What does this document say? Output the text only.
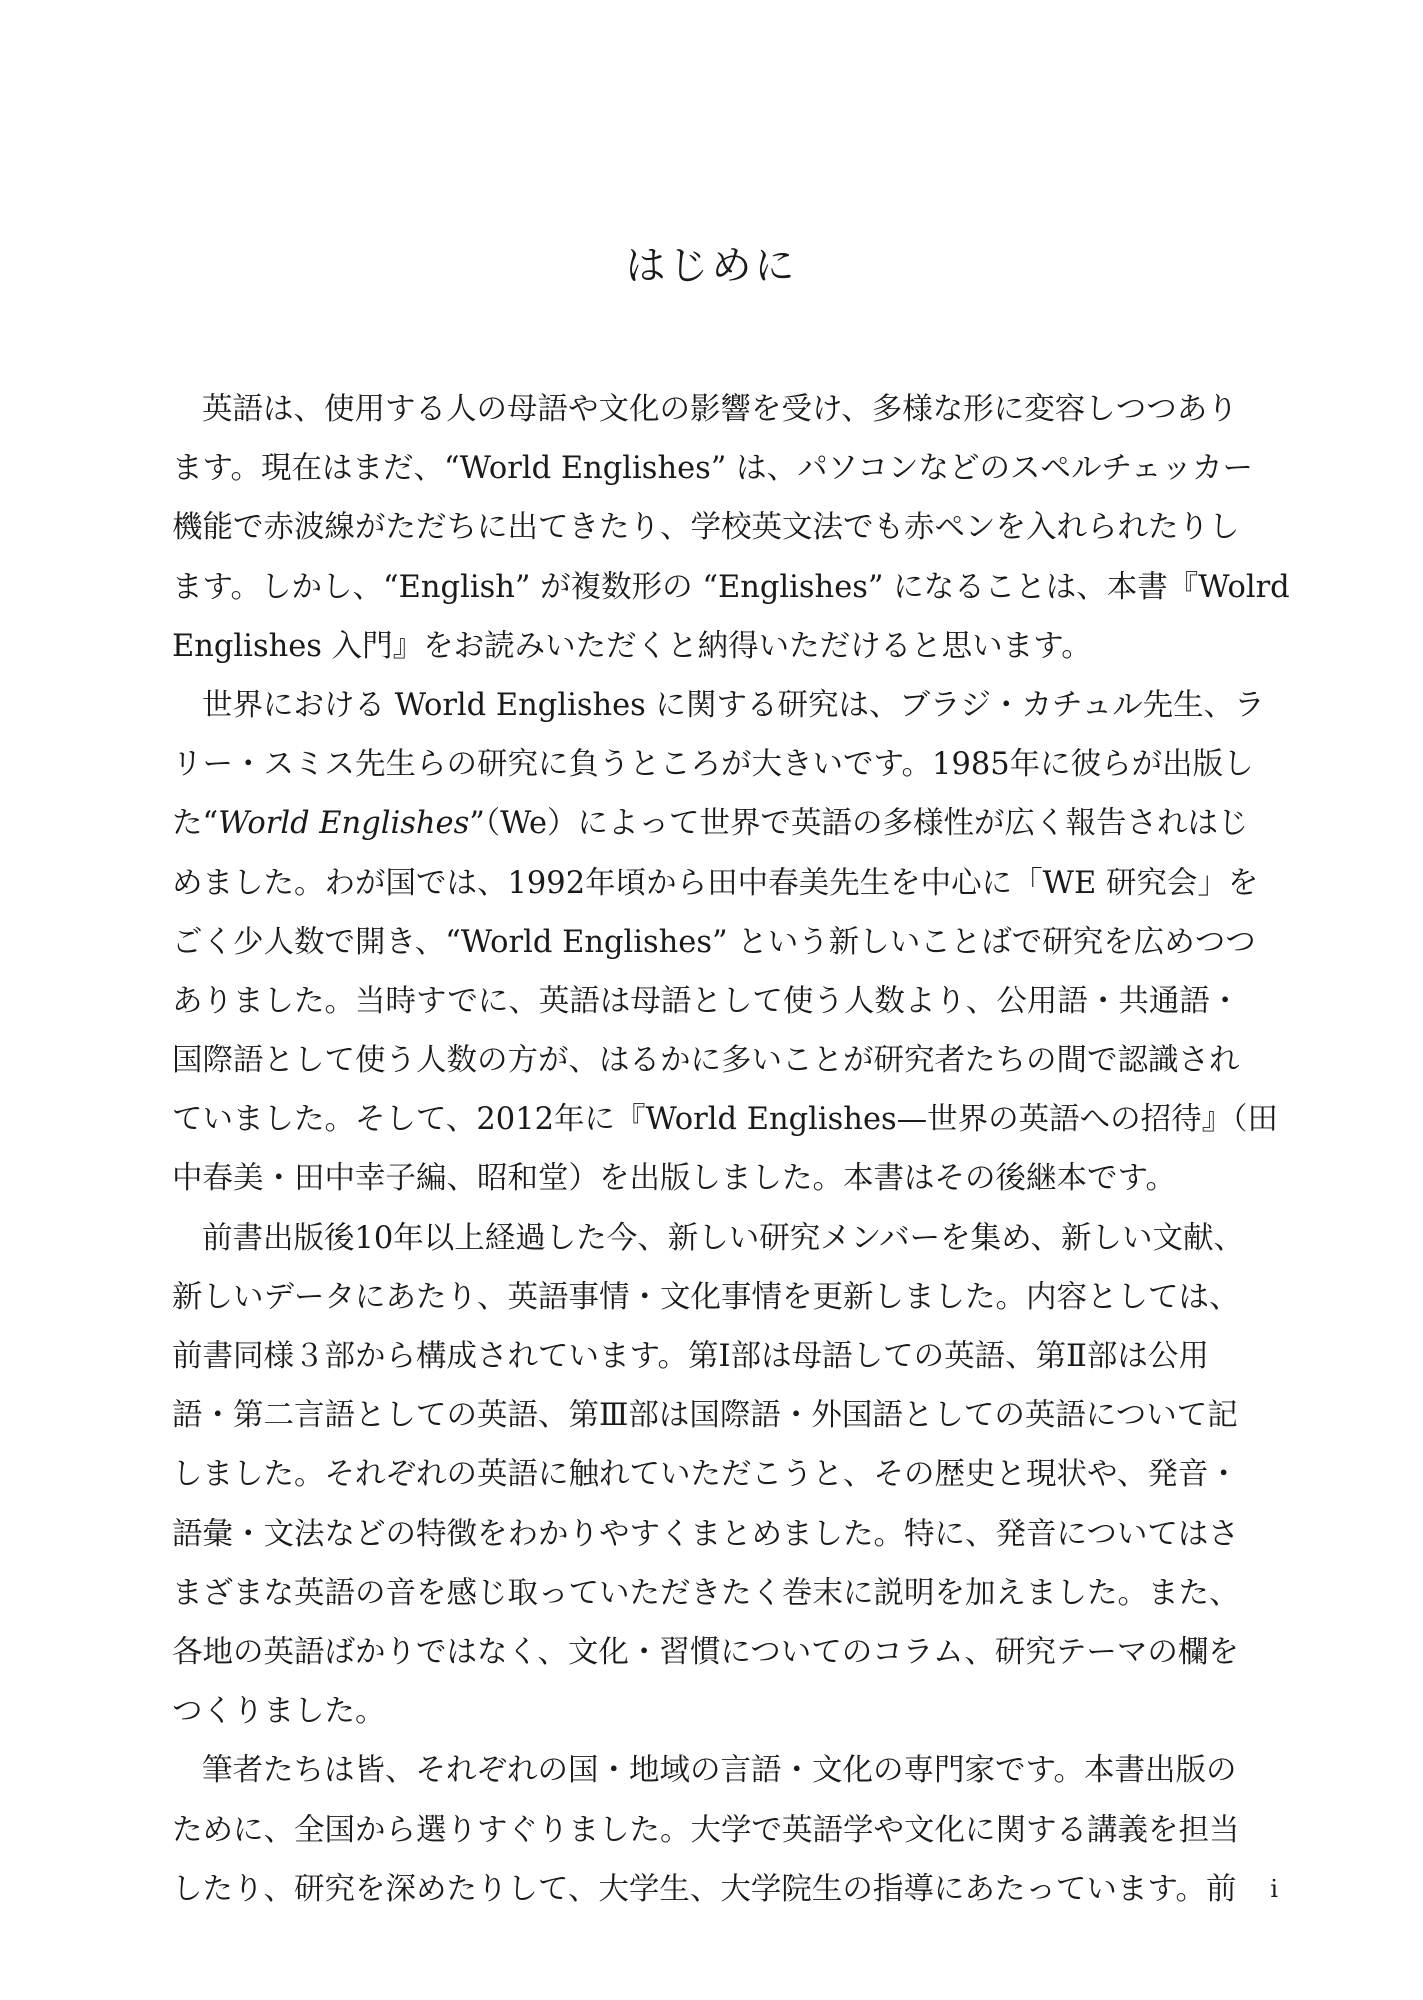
はじめに

英語は、使用する人の母語や文化の影響を受け、多様な形に変容しつつあり

ます。現在はまだ、“World Englishes” は、パソコンなどのスペルチェッカー

機能で赤波線がただちに出てきたり、学校英文法でも赤ペンを入れられたりし

ます。しかし、“English” が複数形の “Englishes” になることは、本書『Wolrd

Englishes 入門』をお読みいただくと納得いただけると思います。

世界における World Englishes に関する研究は、ブラジ・カチュル先生、ラ

リー・スミス先生らの研究に負うところが大きいです。1985年に彼らが出版し

た“World Englishes”（We）によって世界で英語の多様性が広く報告されはじ

めました。わが国では、1992年頃から田中春美先生を中心に「WE 研究会」を

ごく少人数で開き、“World Englishes” という新しいことばで研究を広めつつ

ありました。当時すでに、英語は母語として使う人数より、公用語・共通語・

国際語として使う人数の方が、はるかに多いことが研究者たちの間で認識され

ていました。そして、2012年に『World Englishes—世界の英語への招待』（田

中春美・田中幸子編、昭和堂）を出版しました。本書はその後継本です。

前書出版後10年以上経過した今、新しい研究メンバーを集め、新しい文献、

新しいデータにあたり、英語事情・文化事情を更新しました。内容としては、

前書同様３部から構成されています。第Ⅰ部は母語しての英語、第Ⅱ部は公用

語・第二言語としての英語、第Ⅲ部は国際語・外国語としての英語について記

しました。それぞれの英語に触れていただこうと、その歴史と現状や、発音・

語彙・文法などの特徴をわかりやすくまとめました。特に、発音についてはさ

まざまな英語の音を感じ取っていただきたく巻末に説明を加えました。また、

各地の英語ばかりではなく、文化・習慣についてのコラム、研究テーマの欄を

つくりました。

筆者たちは皆、それぞれの国・地域の言語・文化の専門家です。本書出版の

ために、全国から選りすぐりました。大学で英語学や文化に関する講義を担当

したり、研究を深めたりして、大学生、大学院生の指導にあたっています。前	i
